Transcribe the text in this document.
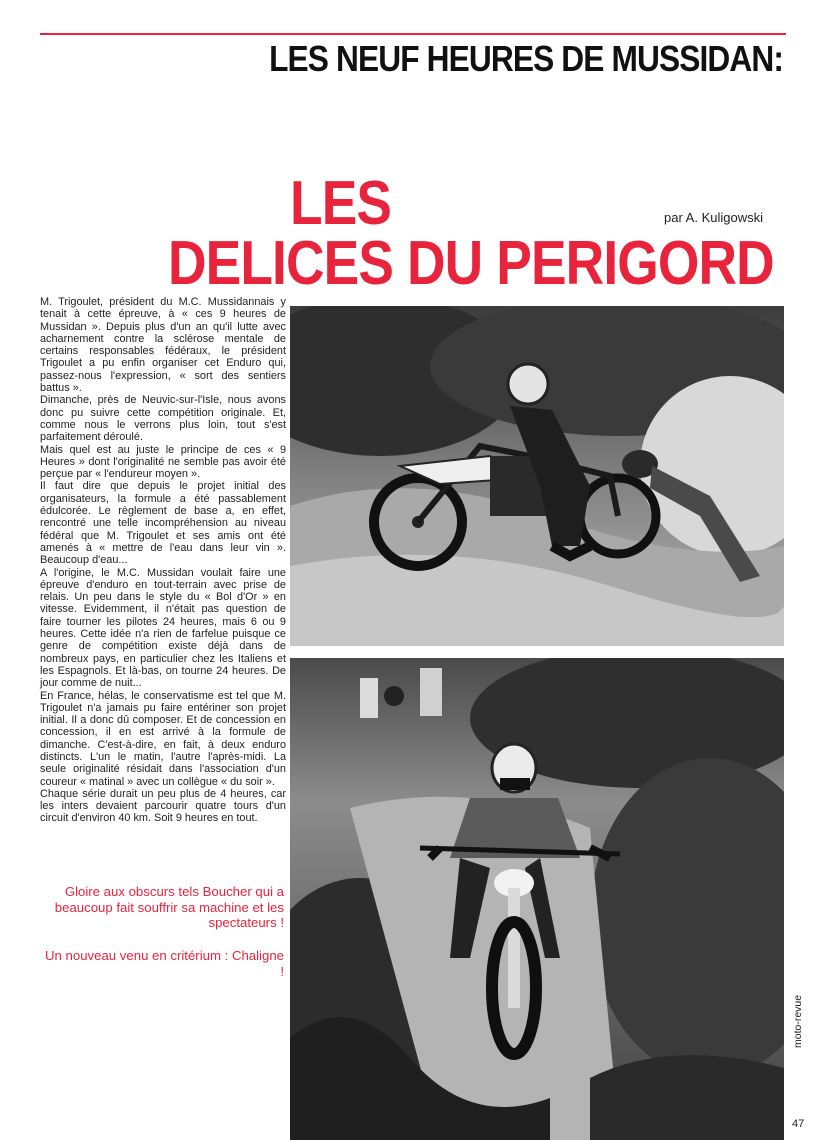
LES NEUF HEURES DE MUSSIDAN:
LES
DELICES DU PERIGORD
par A. Kuligowski

M. Trigoulet, président du M.C. Mussidannais y tenait à cette épreuve, à « ces 9 heures de Mussidan ». Depuis plus d'un an qu'il lutte avec acharnement contre la sclérose mentale de certains responsables fédéraux, le président Trigoulet a pu enfin organiser cet Enduro qui, passez-nous l'expression, « sort des sentiers battus ».

Dimanche, près de Neuvic-sur-l'Isle, nous avons donc pu suivre cette compétition originale. Et, comme nous le verrons plus loin, tout s'est parfaitement déroulé.

Mais quel est au juste le principe de ces « 9 Heures » dont l'originalité ne semble pas avoir été perçue par « l'endureur moyen ».

Il faut dire que depuis le projet initial des organisateurs, la formule a été passablement édulcorée. Le règlement de base a, en effet, rencontré une telle incompréhension au niveau fédéral que M. Trigoulet et ses amis ont été amenés à « mettre de l'eau dans leur vin ». Beaucoup d'eau...

A l'origine, le M.C. Mussidan voulait faire une épreuve d'enduro en tout-terrain avec prise de relais. Un peu dans le style du « Bol d'Or » en vitesse. Evidemment, il n'était pas question de faire tourner les pilotes 24 heures, mais 6 ou 9 heures. Cette idée n'a rien de farfelue puisque ce genre de compétition existe déjà dans de nombreux pays, en particulier chez les Italiens et les Espagnols. Et là-bas, on tourne 24 heures. De jour comme de nuit...

En France, hélas, le conservatisme est tel que M. Trigoulet n'a jamais pu faire entériner son projet initial. Il a donc dû composer. Et de concession en concession, il en est arrivé à la formule de dimanche. C'est-à-dire, en fait, à deux enduro distincts. L'un le matin, l'autre l'après-midi. La seule originalité résidait dans l'association d'un coureur « matinal » avec un collègue « du soir ».

Chaque série durait un peu plus de 4 heures, car les inters devaient parcourir quatre tours d'un circuit d'environ 40 km. Soit 9 heures en tout.

Gloire aux obscurs tels Boucher qui a beaucoup fait souffrir sa machine et les spectateurs !
Un nouveau venu en critérium : Chaligne !
moto-revue
47
